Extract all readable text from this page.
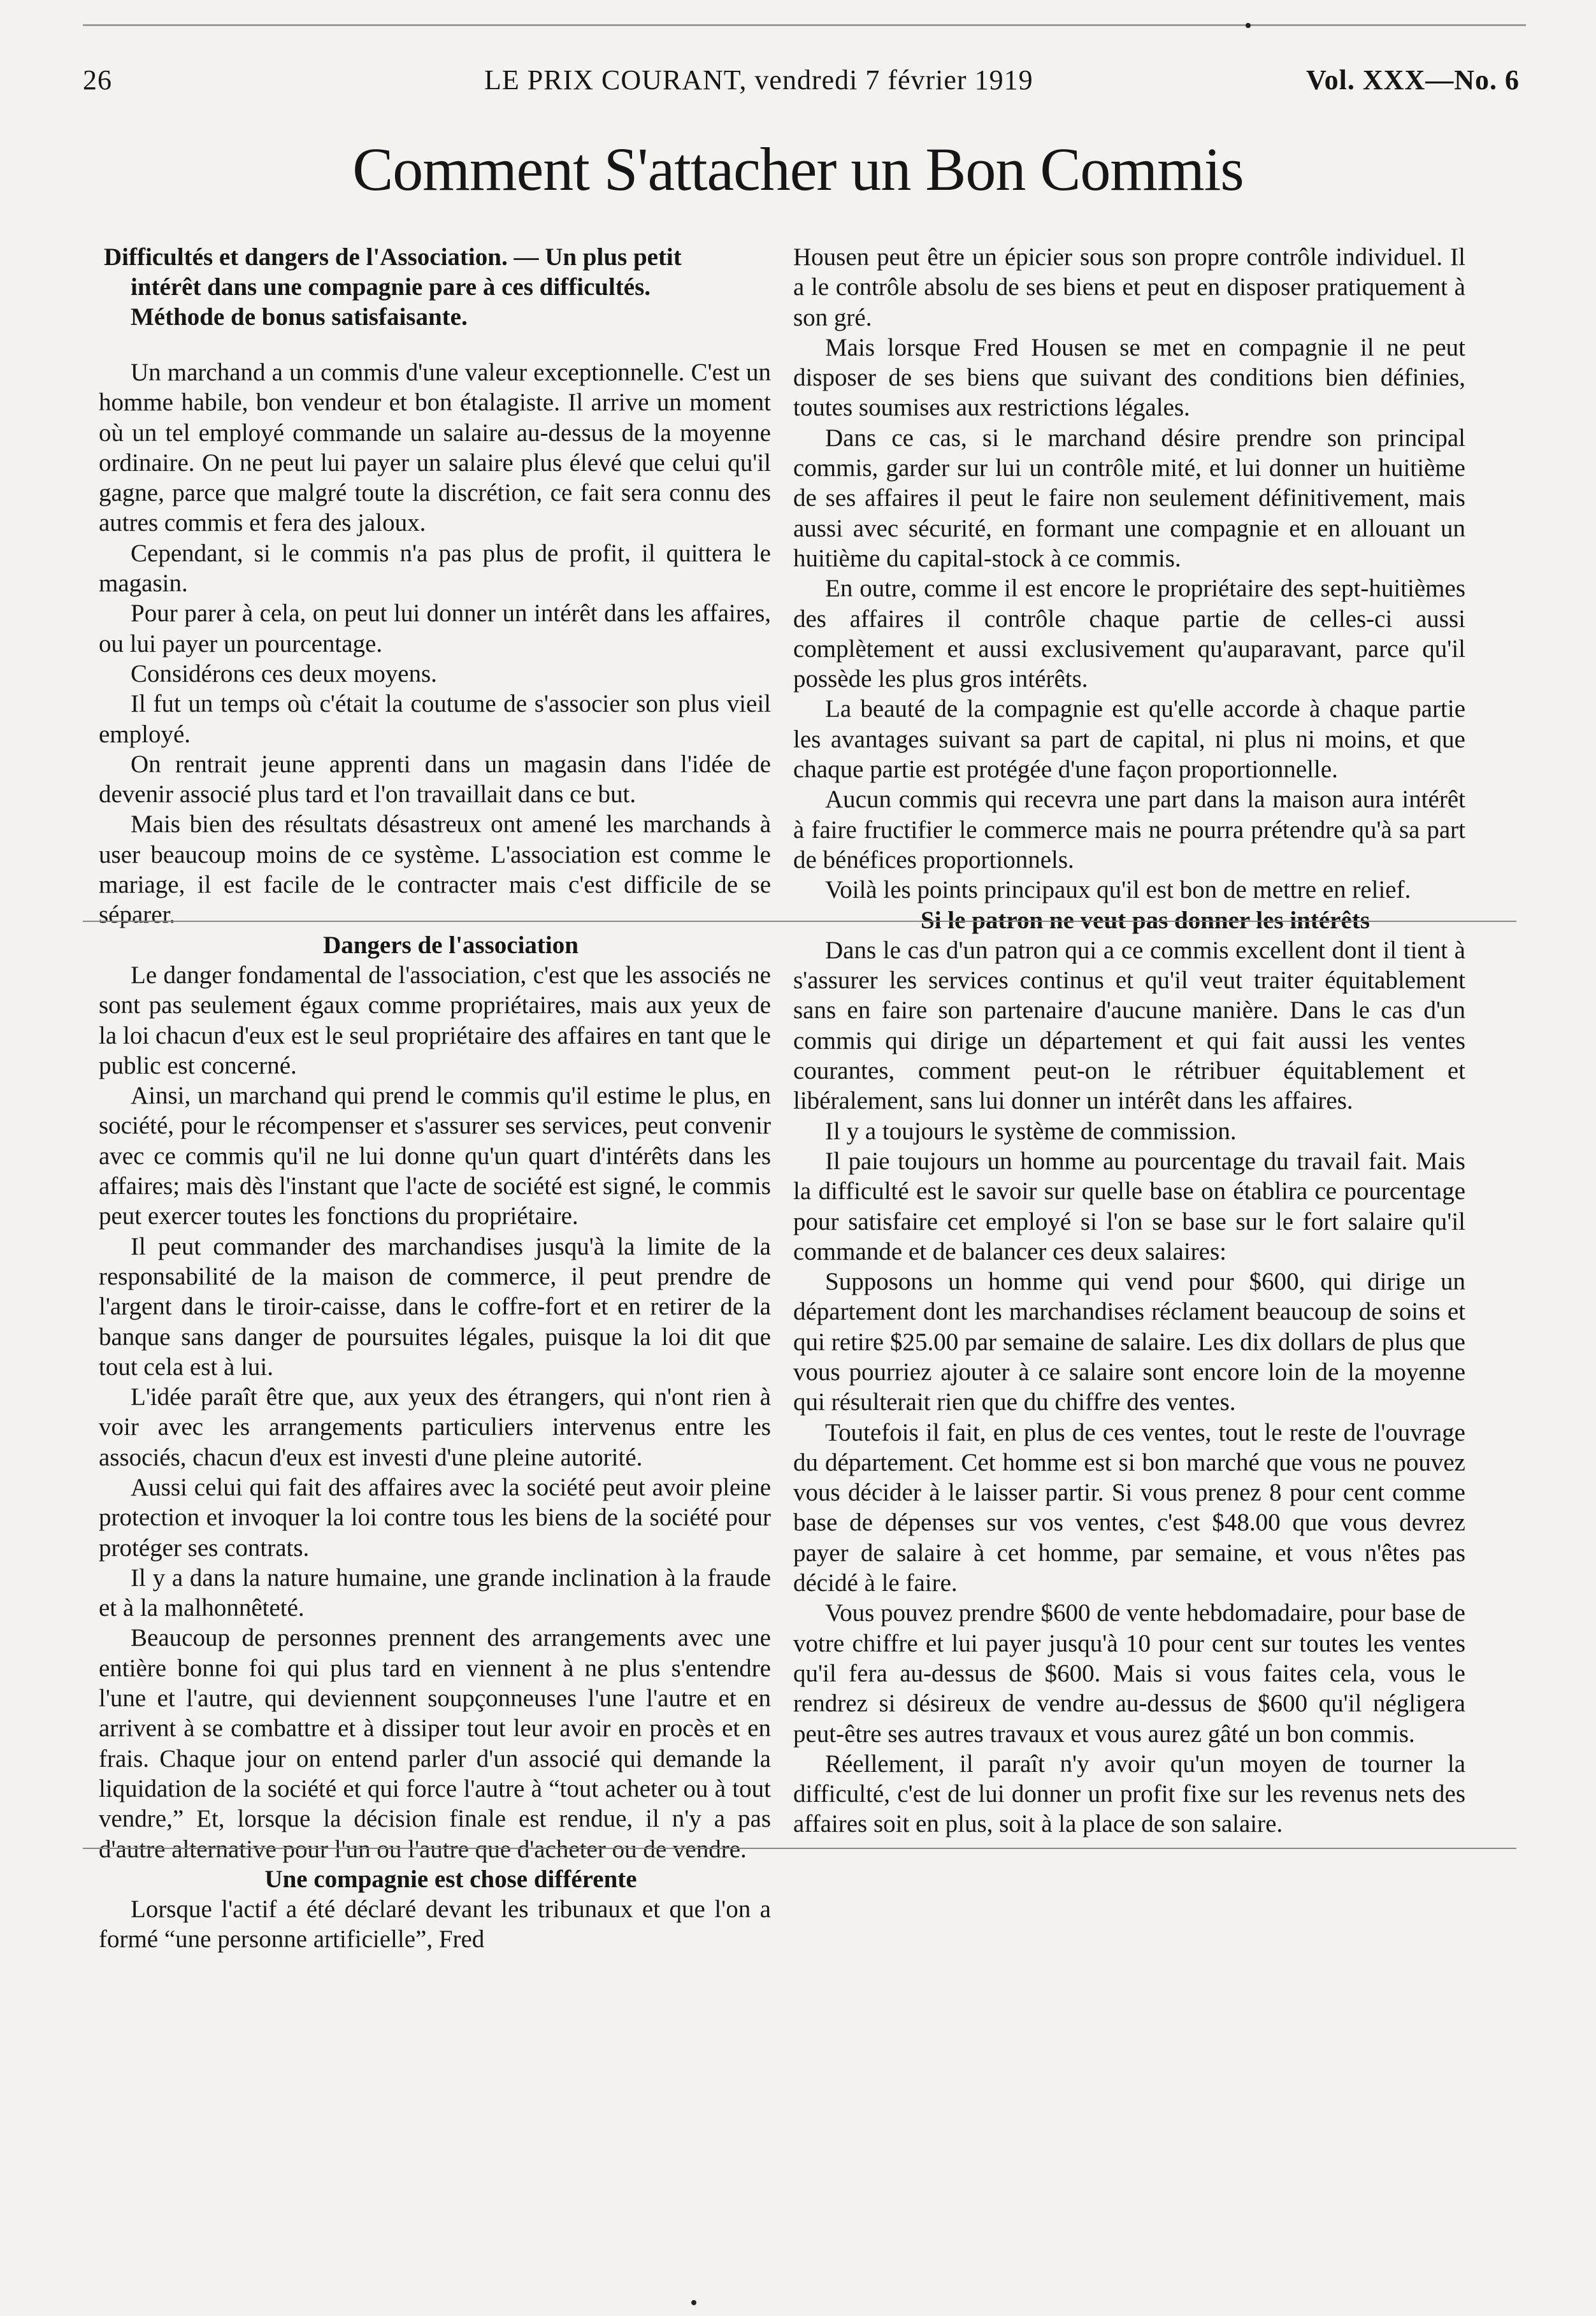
26	LE PRIX COURANT, vendredi 7 février 1919	Vol. XXX—No. 6
Comment S'attacher un Bon Commis
Difficultés et dangers de l'Association. — Un plus petit
intérêt dans une compagnie pare à ces difficultés.
Méthode de bonus satisfaisante.

Un marchand a un commis d'une valeur exceptionnelle. C'est un homme habile, bon vendeur et bon étalagiste. Il arrive un moment où un tel employé commande un salaire au-dessus de la moyenne ordinaire. On ne peut lui payer un salaire plus élevé que celui qu'il gagne, parce que malgré toute la discrétion, ce fait sera connu des autres commis et fera des jaloux.

Cependant, si le commis n'a pas plus de profit, il quittera le magasin.

Pour parer à cela, on peut lui donner un intérêt dans les affaires, ou lui payer un pourcentage.

Considérons ces deux moyens.

Il fut un temps où c'était la coutume de s'associer son plus vieil employé.

On rentrait jeune apprenti dans un magasin dans l'idée de devenir associé plus tard et l'on travaillait dans ce but.

Mais bien des résultats désastreux ont amené les marchands à user beaucoup moins de ce système. L'association est comme le mariage, il est facile de le contracter mais c'est difficile de se séparer.

Dangers de l'association

Le danger fondamental de l'association, c'est que les associés ne sont pas seulement égaux comme propriétaires, mais aux yeux de la loi chacun d'eux est le seul propriétaire des affaires en tant que le public est concerné.

Ainsi, un marchand qui prend le commis qu'il estime le plus, en société, pour le récompenser et s'assurer ses services, peut convenir avec ce commis qu'il ne lui donne qu'un quart d'intérêts dans les affaires; mais dès l'instant que l'acte de société est signé, le commis peut exercer toutes les fonctions du propriétaire.

Il peut commander des marchandises jusqu'à la limite de la responsabilité de la maison de commerce, il peut prendre de l'argent dans le tiroir-caisse, dans le coffre-fort et en retirer de la banque sans danger de poursuites légales, puisque la loi dit que tout cela est à lui.

L'idée paraît être que, aux yeux des étrangers, qui n'ont rien à voir avec les arrangements particuliers intervenus entre les associés, chacun d'eux est investi d'une pleine autorité.

Aussi celui qui fait des affaires avec la société peut avoir pleine protection et invoquer la loi contre tous les biens de la société pour protéger ses contrats.

Il y a dans la nature humaine, une grande inclination à la fraude et à la malhonnêteté.

Beaucoup de personnes prennent des arrangements avec une entière bonne foi qui plus tard en viennent à ne plus s'entendre l'une et l'autre, qui deviennent soupçonneuses l'une l'autre et en arrivent à se combattre et à dissiper tout leur avoir en procès et en frais. Chaque jour on entend parler d'un associé qui demande la liquidation de la société et qui force l'autre à “tout acheter ou à tout vendre,” Et, lorsque la décision finale est rendue, il n'y a pas d'autre alternative pour l'un ou l'autre que d'acheter ou de vendre.

Une compagnie est chose différente

Lorsque l'actif a été déclaré devant les tribunaux et que l'on a formé “une personne artificielle”, Fred

Housen peut être un épicier sous son propre contrôle individuel. Il a le contrôle absolu de ses biens et peut en disposer pratiquement à son gré.

Mais lorsque Fred Housen se met en compagnie il ne peut disposer de ses biens que suivant des conditions bien définies, toutes soumises aux restrictions légales.

Dans ce cas, si le marchand désire prendre son principal commis, garder sur lui un contrôle mité, et lui donner un huitième de ses affaires il peut le faire non seulement définitivement, mais aussi avec sécurité, en formant une compagnie et en allouant un huitième du capital-stock à ce commis.

En outre, comme il est encore le propriétaire des sept-huitièmes des affaires il contrôle chaque partie de celles-ci aussi complètement et aussi exclusivement qu'auparavant, parce qu'il possède les plus gros intérêts.

La beauté de la compagnie est qu'elle accorde à chaque partie les avantages suivant sa part de capital, ni plus ni moins, et que chaque partie est protégée d'une façon proportionnelle.

Aucun commis qui recevra une part dans la maison aura intérêt à faire fructifier le commerce mais ne pourra prétendre qu'à sa part de bénéfices proportionnels.

Voilà les points principaux qu'il est bon de mettre en relief.

Si le patron ne veut pas donner les intérêts

Dans le cas d'un patron qui a ce commis excellent dont il tient à s'assurer les services continus et qu'il veut traiter équitablement sans en faire son partenaire d'aucune manière. Dans le cas d'un commis qui dirige un département et qui fait aussi les ventes courantes, comment peut-on le rétribuer équitablement et libéralement, sans lui donner un intérêt dans les affaires.

Il y a toujours le système de commission.

Il paie toujours un homme au pourcentage du travail fait. Mais la difficulté est le savoir sur quelle base on établira ce pourcentage pour satisfaire cet employé si l'on se base sur le fort salaire qu'il commande et de balancer ces deux salaires:

Supposons un homme qui vend pour $600, qui dirige un département dont les marchandises réclament beaucoup de soins et qui retire $25.00 par semaine de salaire. Les dix dollars de plus que vous pourriez ajouter à ce salaire sont encore loin de la moyenne qui résulterait rien que du chiffre des ventes.

Toutefois il fait, en plus de ces ventes, tout le reste de l'ouvrage du département. Cet homme est si bon marché que vous ne pouvez vous décider à le laisser partir. Si vous prenez 8 pour cent comme base de dépenses sur vos ventes, c'est $48.00 que vous devrez payer de salaire à cet homme, par semaine, et vous n'êtes pas décidé à le faire.

Vous pouvez prendre $600 de vente hebdomadaire, pour base de votre chiffre et lui payer jusqu'à 10 pour cent sur toutes les ventes qu'il fera au-dessus de $600. Mais si vous faites cela, vous le rendrez si désireux de vendre au-dessus de $600 qu'il négligera peut-être ses autres travaux et vous aurez gâté un bon commis.

Réellement, il paraît n'y avoir qu'un moyen de tourner la difficulté, c'est de lui donner un profit fixe sur les revenus nets des affaires soit en plus, soit à la place de son salaire.
